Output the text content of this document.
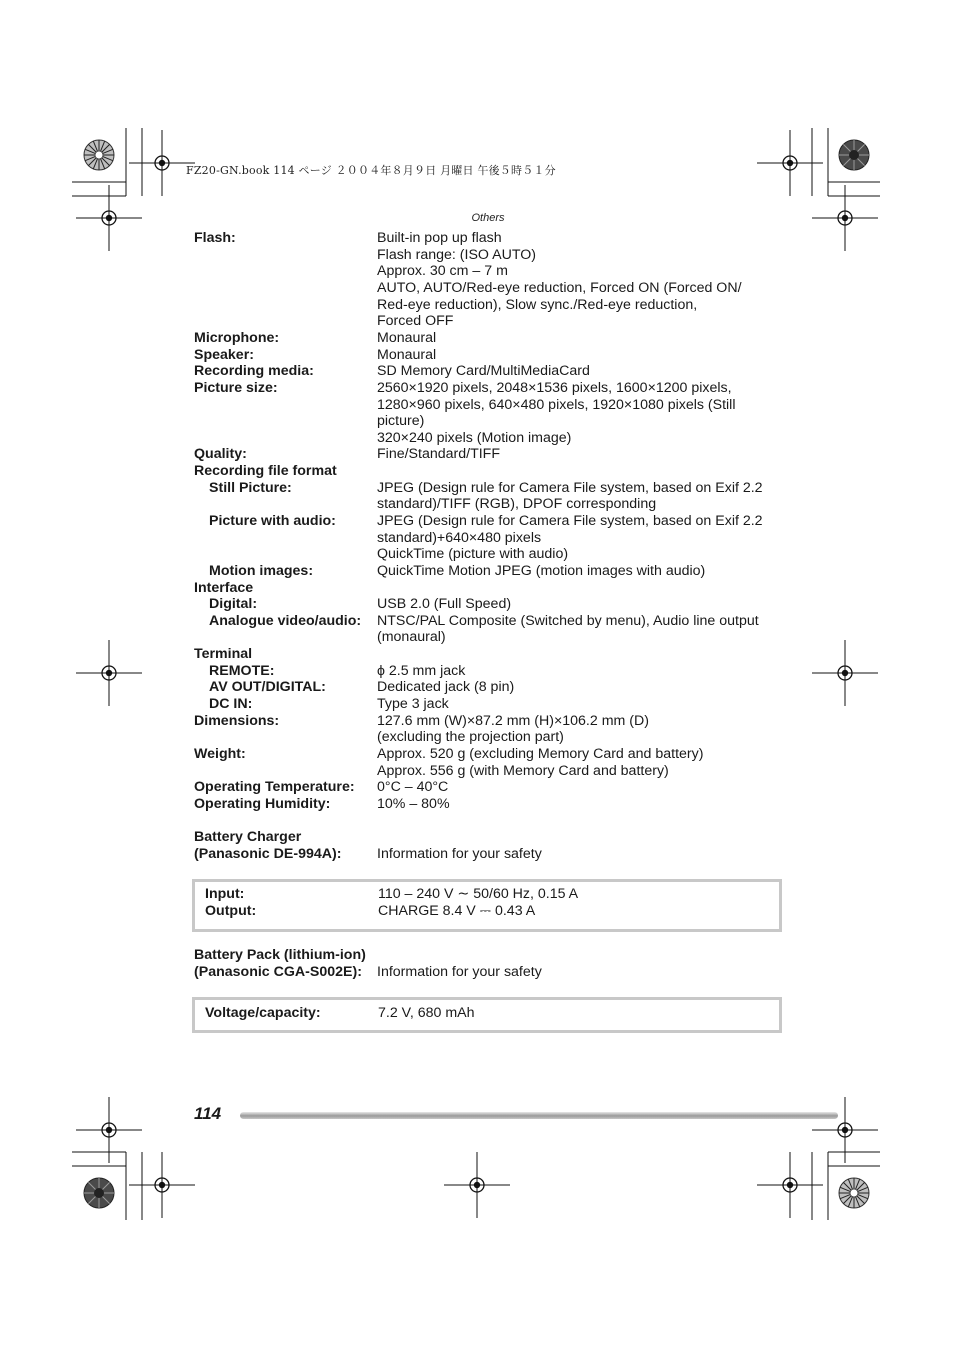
FZ20-GN.book 114 ページ ２００４年８月９日 月曜日 午後５時５１分
Others
Flash:	Built-in pop up flash
Flash range: (ISO AUTO)
Approx. 30 cm – 7 m
AUTO, AUTO/Red-eye reduction, Forced ON (Forced ON/
Red-eye reduction), Slow sync./Red-eye reduction,
Forced OFF
Microphone:	Monaural
Speaker:	Monaural
Recording media:	SD Memory Card/MultiMediaCard
Picture size:	2560×1920 pixels, 2048×1536 pixels, 1600×1200 pixels,
1280×960 pixels, 640×480 pixels, 1920×1080 pixels (Still
picture)
320×240 pixels (Motion image)
Quality:	Fine/Standard/TIFF
Recording file format
Still Picture:	JPEG (Design rule for Camera File system, based on Exif 2.2
standard)/TIFF (RGB), DPOF corresponding
Picture with audio:	JPEG (Design rule for Camera File system, based on Exif 2.2
standard)+640×480 pixels
QuickTime (picture with audio)
Motion images:	QuickTime Motion JPEG (motion images with audio)
Interface
Digital:	USB 2.0 (Full Speed)
Analogue video/audio: NTSC/PAL Composite (Switched by menu), Audio line output
(monaural)
Terminal
REMOTE:	ϕ 2.5 mm jack
AV OUT/DIGITAL:	Dedicated jack (8 pin)
DC IN:	Type 3 jack
Dimensions:	127.6 mm (W)×87.2 mm (H)×106.2 mm (D)
(excluding the projection part)
Weight:	Approx. 520 g (excluding Memory Card and battery)
Approx. 556 g (with Memory Card and battery)
Operating Temperature: 0°C – 40°C
Operating Humidity:	10% – 80%
Battery Charger
(Panasonic DE-994A):	Information for your safety
Input:	110 – 240 V ∼ 50/60 Hz, 0.15 A
Output:	CHARGE 8.4 V ⎓ 0.43 A
Battery Pack (lithium-ion)
(Panasonic CGA-S002E): Information for your safety
Voltage/capacity:	7.2 V, 680 mAh
114
